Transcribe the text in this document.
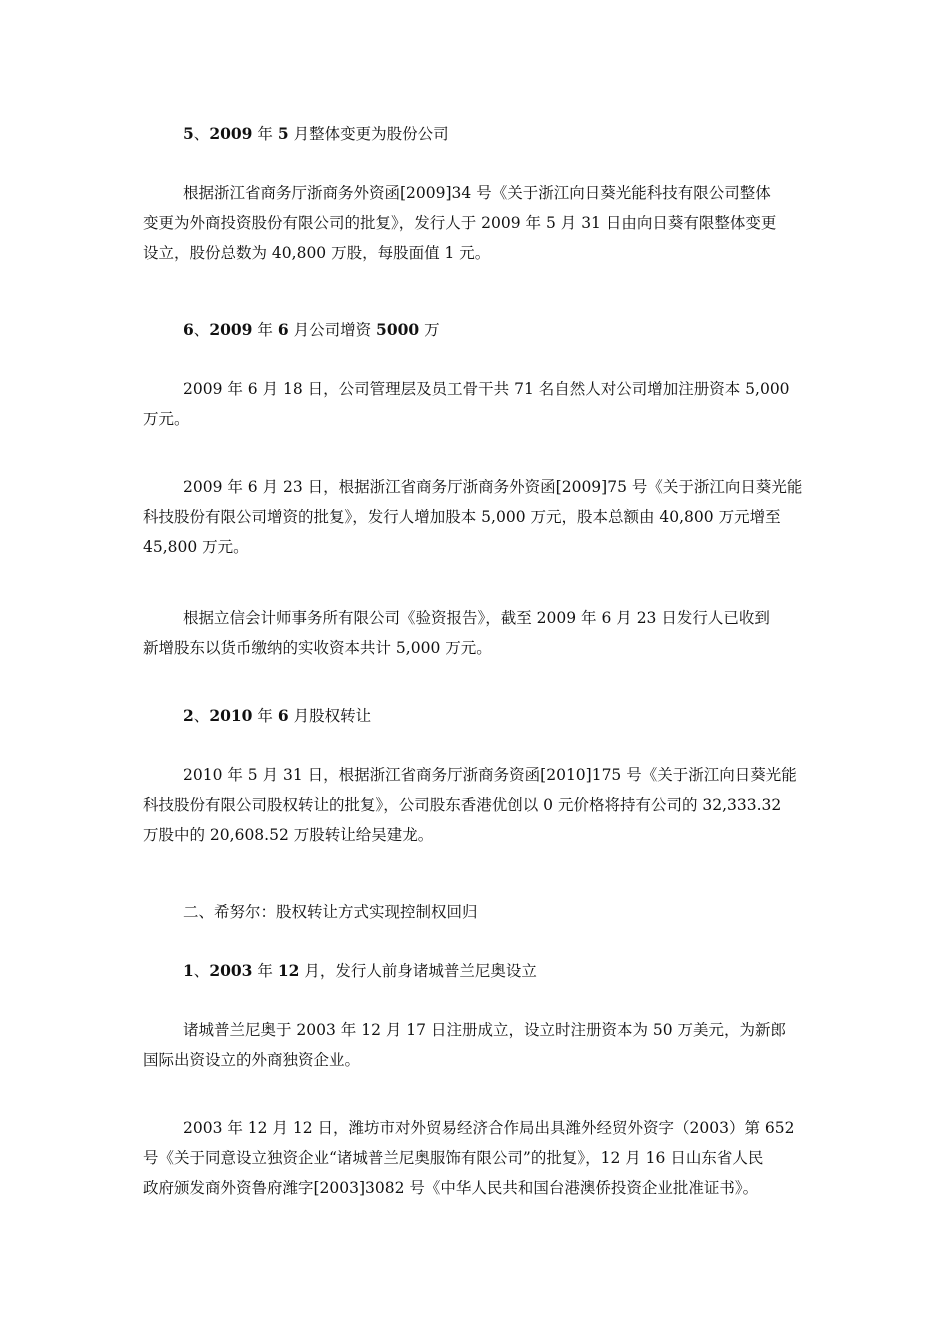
5、2009 年 5 月整体变更为股份公司
根据浙江省商务厅浙商务外资函[2009]34 号《关于浙江向日葵光能科技有限公司整体
变更为外商投资股份有限公司的批复》，发行人于 2009 年 5 月 31 日由向日葵有限整体变更
设立，股份总数为 40,800 万股，每股面值 1 元。
6、2009 年 6 月公司增资 5000 万
2009 年 6 月 18 日，公司管理层及员工骨干共 71 名自然人对公司增加注册资本 5,000
万元。
2009 年 6 月 23 日，根据浙江省商务厅浙商务外资函[2009]75 号《关于浙江向日葵光能
科技股份有限公司增资的批复》，发行人增加股本 5,000 万元，股本总额由 40,800 万元增至
45,800 万元。
根据立信会计师事务所有限公司《验资报告》，截至 2009 年 6 月 23 日发行人已收到
新增股东以货币缴纳的实收资本共计 5,000 万元。
2、2010 年 6 月股权转让
2010 年 5 月 31 日，根据浙江省商务厅浙商务资函[2010]175 号《关于浙江向日葵光能
科技股份有限公司股权转让的批复》，公司股东香港优创以 0 元价格将持有公司的 32,333.32
万股中的 20,608.52 万股转让给吴建龙。
二、希努尔：股权转让方式实现控制权回归
1、2003 年 12 月，发行人前身诸城普兰尼奥设立
诸城普兰尼奥于 2003 年 12 月 17 日注册成立，设立时注册资本为 50 万美元，为新郎
国际出资设立的外商独资企业。
2003 年 12 月 12 日，潍坊市对外贸易经济合作局出具潍外经贸外资字（2003）第 652
号《关于同意设立独资企业“诸城普兰尼奥服饰有限公司”的批复》，12 月 16 日山东省人民
政府颁发商外资鲁府潍字[2003]3082 号《中华人民共和国台港澳侨投资企业批准证书》。
